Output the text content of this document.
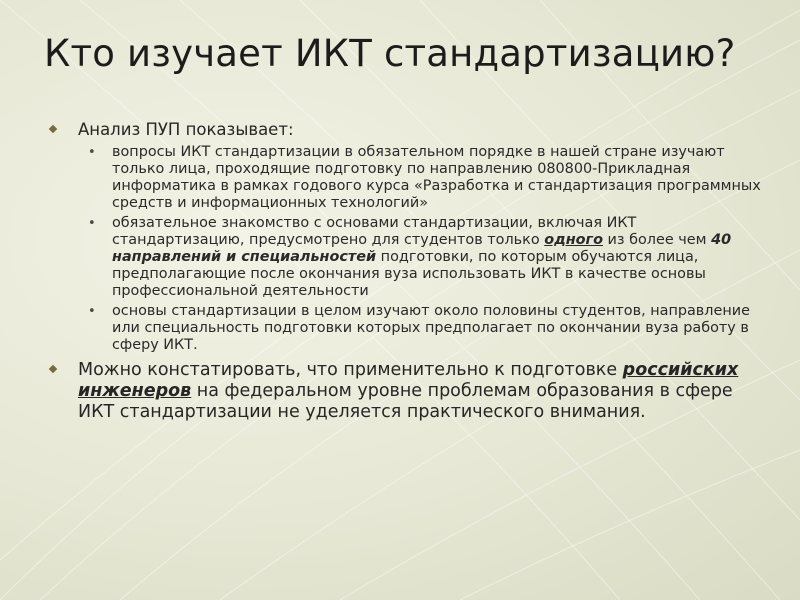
Кто изучает ИКТ стандартизацию?
Анализ ПУП показывает:
• вопросы ИКТ стандартизации в обязательном порядке в нашей стране изучают только лица, проходящие подготовку по направлению 080800-Прикладная информатика в рамках годового курса «Разработка и стандартизация программных средств и информационных технологий»
• обязательное знакомство с основами стандартизации, включая ИКТ стандартизацию, предусмотрено для студентов только одного из более чем 40 направлений и специальностей подготовки, по которым обучаются лица, предполагающие после окончания вуза использовать ИКТ в качестве основы профессиональной деятельности
• основы стандартизации в целом изучают около половины студентов, направление или специальность подготовки которых предполагает по окончании вуза работу в сферу ИКТ.
Можно констатировать, что применительно к подготовке российских инженеров на федеральном уровне проблемам образования в сфере ИКТ стандартизации не уделяется практического внимания.
